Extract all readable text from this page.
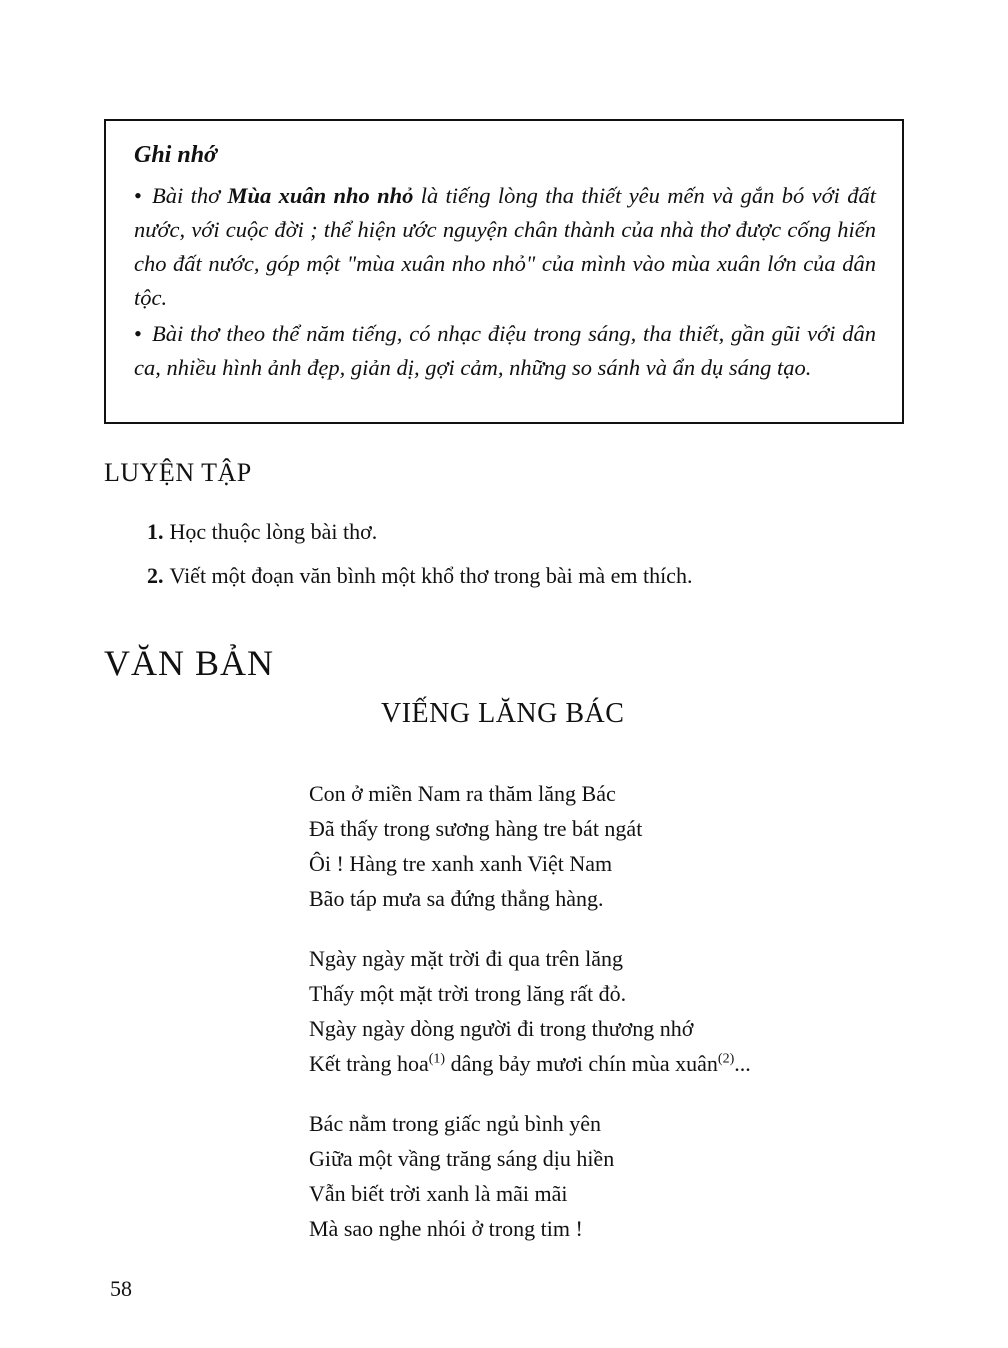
Ghi nhớ

• Bài thơ Mùa xuân nho nhỏ là tiếng lòng tha thiết yêu mến và gắn bó với đất nước, với cuộc đời ; thể hiện ước nguyện chân thành của nhà thơ được cống hiến cho đất nước, góp một "mùa xuân nho nhỏ" của mình vào mùa xuân lớn của dân tộc.

• Bài thơ theo thể năm tiếng, có nhạc điệu trong sáng, tha thiết, gần gũi với dân ca, nhiều hình ảnh đẹp, giản dị, gợi cảm, những so sánh và ẩn dụ sáng tạo.

LUYỆN TẬP
1. Học thuộc lòng bài thơ.
2. Viết một đoạn văn bình một khổ thơ trong bài mà em thích.
VĂN BẢN
VIẾNG LĂNG BÁC
Con ở miền Nam ra thăm lăng Bác
Đã thấy trong sương hàng tre bát ngát
Ôi ! Hàng tre xanh xanh Việt Nam
Bão táp mưa sa đứng thẳng hàng.
Ngày ngày mặt trời đi qua trên lăng
Thấy một mặt trời trong lăng rất đỏ.
Ngày ngày dòng người đi trong thương nhớ
Kết tràng hoa$^{(1)}$ dâng bảy mươi chín mùa xuân$^{(2)}$...
Bác nằm trong giấc ngủ bình yên
Giữa một vầng trăng sáng dịu hiền
Vẫn biết trời xanh là mãi mãi
Mà sao nghe nhói ở trong tim !
58
